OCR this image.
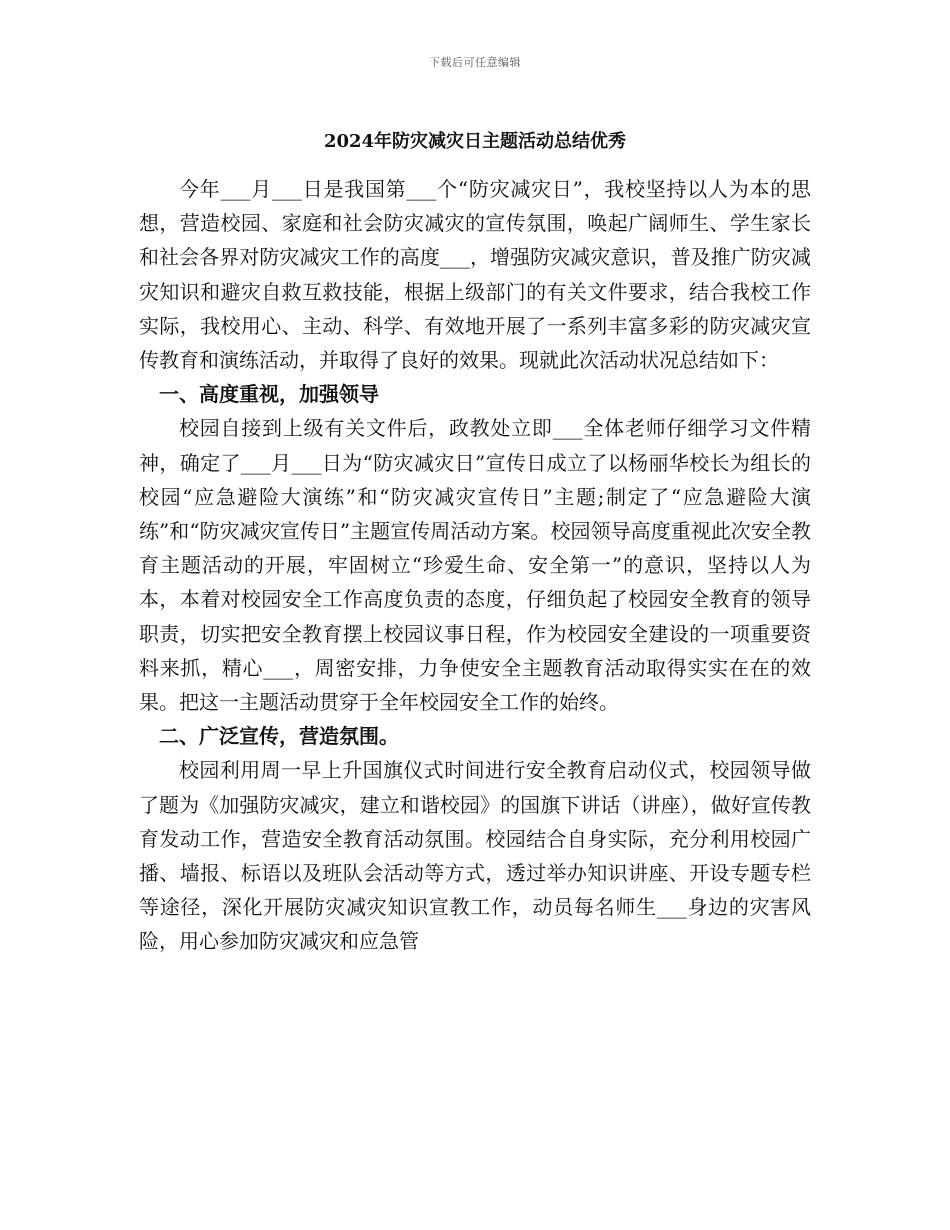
下载后可任意编辑
2024年防灾减灾日主题活动总结优秀

今年___月___日是我国第___个“防灾减灾日”，我校坚持以人为本的思想，营造校园、家庭和社会防灾减灾的宣传氛围，唤起广阔师生、学生家长和社会各界对防灾减灾工作的高度___，增强防灾减灾意识，普及推广防灾减灾知识和避灾自救互救技能，根据上级部门的有关文件要求，结合我校工作实际，我校用心、主动、科学、有效地开展了一系列丰富多彩的防灾减灾宣传教育和演练活动，并取得了良好的效果。现就此次活动状况总结如下：

一、高度重视，加强领导

校园自接到上级有关文件后，政教处立即___全体老师仔细学习文件精神，确定了___月___日为“防灾减灾日”宣传日成立了以杨丽华校长为组长的校园“应急避险大演练”和“防灾减灾宣传日”主题;制定了“应急避险大演练”和“防灾减灾宣传日”主题宣传周活动方案。校园领导高度重视此次安全教育主题活动的开展，牢固树立“珍爱生命、安全第一”的意识，坚持以人为本，本着对校园安全工作高度负责的态度，仔细负起了校园安全教育的领导职责，切实把安全教育摆上校园议事日程，作为校园安全建设的一项重要资料来抓，精心___，周密安排，力争使安全主题教育活动取得实实在在的效果。把这一主题活动贯穿于全年校园安全工作的始终。

二、广泛宣传，营造氛围。

校园利用周一早上升国旗仪式时间进行安全教育启动仪式，校园领导做了题为《加强防灾减灾，建立和谐校园》的国旗下讲话（讲座），做好宣传教育发动工作，营造安全教育活动氛围。校园结合自身实际，充分利用校园广播、墙报、标语以及班队会活动等方式，透过举办知识讲座、开设专题专栏等途径，深化开展防灾减灾知识宣教工作，动员每名师生___身边的灾害风险，用心参加防灾减灾和应急管
